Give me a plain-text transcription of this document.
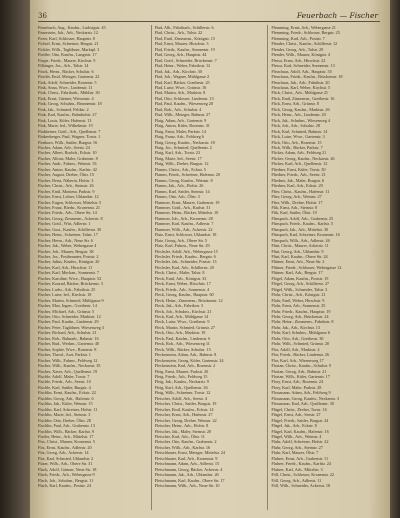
36	Feuerbach — Fischer
Feuerbach, Aug., Kaufm., Ludwigstr. 45
Feuerstein, Joh., Arb., Neckarstr. 12
Fezer, Karl, Schlosser, Hauptstr. 8
Fichtel, Ernst, Schreiner, Bergstr. 21
Fickler, Wilh., Taglöhner, Marktpl. 3
Fiedler, Otto, Kaufm., Langestr. 17
Fieger, Friedr., Maurer, Kirchstr. 9
Filbinger, Jos., Arb., Talstr. 14
Finck, Herm., Bäcker, Schulstr. 6
Finckh, Emil, Metzger, Gartenstr. 22
Fink, Adolf, Schneider, Rosenstr. 5
Fink, Anna, Wwe., Lindenstr. 11
Fink, Christ., Fabrikarb., Mühlstr. 30
Fink, Ernst, Gärtner, Wiesenstr. 4
Fink, Georg, Schuhm., Brunnenstr. 18
Fink, Jak., Schmied, Feldstr. 2
Fink, Karl, Kaufm., Bahnhofstr. 27
Fink, Louis, Küfer, Hafenstr. 13
Fink, Marie, led., Wilhelmstr. 19
Finkbeiner, Gottl., Arb., Quellenstr. 7
Finkenberger, Paul, Wagner, Torstr. 1
Firnkorn, Wilh., Sattler, Burgstr. 16
Fischer, Adam, Arb., Seestr. 24
Fischer, Albert, Buchdr., Eckstr. 10
Fischer, Alfons, Maler, Grabenstr. 8
Fischer, Andr., Fuhrm., Weinstr. 33
Fischer, Anton, Kaufm., Karlstr. 42
Fischer, August, Dreher, Ölstr. 15
Fischer, Berta, Näherin, Hofstr. 3
Fischer, Christ., Arb., Steinstr. 26
Fischer, Emil, Monteur, Parkstr. 9
Fischer, Ernst, Lehrer, Uhlandstr. 12
Fischer, Eugen, Schlosser, Mittelstr. 5
Fischer, Franz, Bierbr., Kronenstr. 21
Fischer, Friedr., Arb., Obere Str. 14
Fischer, Georg, Zimmerm., Ackerstr. 8
Fischer, Gottl., Wirt, Adlerstr. 1
Fischer, Gust., Kaufm., Schillerstr. 30
Fischer, Heinr., Schreiner, Talstr. 17
Fischer, Herm., Arb., Neue Str. 6
Fischer, Jak., Weber, Webergasse 4
Fischer, Joh., Maurer, Bergstr. 38
Fischer, Jos., Postbeamter, Poststr. 2
Fischer, Julius, Kaufm., Königstr. 20
Fischer, Karl, Arb., Hirschstr. 11
Fischer, Karl, Mechan., Sonnenstr. 7
Fischer, Karoline, Wwe., Hauptstr. 52
Fischer, Konrad, Bäcker, Brückenstr. 3
Fischer, Ludw., Arb., Fabrikstr. 25
Fischer, Luise, led., Kirchstr. 18
Fischer, Martin, Schmied, Mühlgasse 9
Fischer, Max, Ingen., Goethestr. 14
Fischer, Michael, Arb., Grünstr. 5
Fischer, Otto, Schneider, Marktstr. 12
Fischer, Paul, Kaufm., Lindenstr. 29
Fischer, Peter, Taglöhner, Wiesenweg 3
Fischer, Richard, Arb., Schulstr. 21
Fischer, Rob., Bahnarb., Bahnstr. 16
Fischer, Rud., Werkm., Gartenstr. 40
Fischer, Sophie, Wwe., Rosenstr. 8
Fischer, Theod., Arzt, Parkstr. 1
Fischer, Wilh., Fuhrm., Feldweg 12
Fischer, Wilh., Kaufm., Neckarstr. 35
Fischer, Xaver, Arb., Quellenstr. 19
Fischle, Adolf, Maler, Torstr. 7
Fischle, Friedr., Arb., Seestr. 10
Fischle, Karl, Sattler, Burgstr. 4
Fischlin, Ernst, Kaufm., Eckstr. 22
Fischlin, Georg, Arb., Hafenstr. 6
Fischlin, Jak., Küfer, Weinstr. 15
Fischlin, Karl, Schreiner, Hofstr. 11
Fischlin, Marie, led., Steinstr. 3
Fischlin, Otto, Dreher, Ölstr. 28
Fischlin, Paul, Arb., Grabenstr. 13
Fischlin, Wilh., Bäcker, Karlstr. 9
Fiseler, Heinr., Arb., Mittelstr. 17
Fiss, Christ., Maurer, Kronenstr. 5
Fitz, Ernst, Kaufm., Adlerstr. 20
Fitz, Georg, Arb., Ackerstr. 14
Fitz, Karl, Schmied, Uhlandstr. 2
Fitzer, Wilh., Arb., Obere Str. 31
Flach, Adolf, Gärtner, Neue Str. 18
Flach, Friedr., Arb., Webergasse 9
Flach, Joh., Schuhm., Bergstr. 11
Flach, Karl, Kaufm., Poststr. 24
Flad, Alb., Fabrikarb., Schillerstr. 6
Flad, Christ., Arb., Talstr. 22
Flad, Emil, Zimmerm., Königstr. 15
Flad, Ernst, Maurer, Hirschstr. 3
Flad, Friedr., Kaufm., Sonnenstr. 19
Flad, Georg, Arb., Hauptstr. 44
Flad, Gottl., Schneider, Brückenstr. 7
Flad, Heinr., Weber, Fabrikstr. 12
Flad, Jak., Arb., Kirchstr. 30
Flad, Joh., Wagner, Mühlgasse 2
Flad, Karl, Bäcker, Goethestr. 25
Flad, Luise, Wwe., Grünstr. 16
Flad, Martin, Arb., Marktstr. 8
Flad, Otto, Schlosser, Lindenstr. 13
Flad, Paul, Kaufm., Wiesenweg 20
Flad, Rob., Arb., Schulstr. 4
Flad, Wilh., Metzger, Bahnstr. 27
Flaig, Adam, Arb., Gartenstr. 9
Flaig, Anton, Küfer, Rosenstr. 31
Flaig, Ernst, Maler, Parkstr. 14
Flaig, Franz, Arb., Feldweg 6
Flaig, Georg, Kaufm., Neckarstr. 18
Flaig, Jos., Schmied, Quellenstr. 2
Flaig, Karl, Arb., Torstr. 23
Flaig, Marie, led., Seestr. 17
Flaig, Wilh., Dreher, Burgstr. 12
Flamm, Christ., Arb., Eckstr. 5
Flamm, Friedr., Schreiner, Hafenstr. 20
Flamm, Georg, Kaufm., Weinstr. 8
Flamm, Jak., Arb., Hofstr. 26
Flamm, Karl, Sattler, Steinstr. 14
Flamm, Otto, Arb., Ölstr. 3
Flammer, Ernst, Maurer, Grabenstr. 19
Flammer, Gottl., Arb., Karlstr. 31
Flammer, Heinr., Bäcker, Mittelstr. 10
Flammer, Joh., Arb., Kronenstr. 28
Flammer, Karl, Kaufm., Adlerstr. 7
Flammer, Wilh., Arb., Ackerstr. 22
Flatz, Ernst, Schlosser, Uhlandstr. 18
Flatz, Georg, Arb., Obere Str. 5
Flatz, Karl, Fuhrm., Neue Str. 29
Flechsler, Adolf, Arb., Webergasse 15
Flechsler, Friedr., Kaufm., Bergstr. 6
Flechsler, Jak., Schneider, Poststr. 13
Flechsler, Karl, Arb., Schillerstr. 20
Fleck, Christ., Maler, Talstr. 8
Fleck, Emil, Arb., Königstr. 33
Fleck, Ernst, Weber, Hirschstr. 17
Fleck, Friedr., Arb., Sonnenstr. 4
Fleck, Georg, Kaufm., Hauptstr. 60
Fleck, Heinr., Zimmerm., Brückenstr. 12
Fleck, Jak., Arb., Fabrikstr. 3
Fleck, Joh., Schuhm., Kirchstr. 21
Fleck, Karl, Arb., Mühlgasse 14
Fleck, Luise, Wwe., Goethestr. 9
Fleck, Martin, Schmied, Grünstr. 27
Fleck, Otto, Arb., Marktstr. 19
Fleck, Paul, Kaufm., Lindenstr. 6
Fleck, Rob., Arb., Wiesenweg 11
Fleck, Wilh., Bäcker, Schulstr. 15
Fleckenstein, Adam, Arb., Bahnstr. 8
Fleckenstein, Georg, Küfer, Gartenstr. 24
Fleckenstein, Karl, Arb., Rosenstr. 2
Fleig, Ernst, Maurer, Parkstr. 20
Fleig, Friedr., Arb., Feldweg 15
Fleig, Jak., Kaufm., Neckarstr. 9
Fleig, Karl, Arb., Quellenstr. 26
Fleig, Wilh., Schreiner, Torstr. 12
Fleischer, Adolf, Arb., Seestr. 4
Fleischer, Christ., Sattler, Burgstr. 19
Fleischer, Emil, Kaufm., Eckstr. 14
Fleischer, Ernst, Arb., Hafenstr. 27
Fleischer, Georg, Dreher, Weinstr. 22
Fleischer, Heinr., Arb., Hofstr. 8
Fleischer, Jak., Maler, Steinstr. 20
Fleischer, Karl, Arb., Ölstr. 11
Fleischer, Otto, Kaufm., Grabenstr. 2
Fleischer, Wilh., Arb., Karlstr. 16
Fleischhauer, Ernst, Metzger, Mittelstr. 24
Fleischhauer, Karl, Arb., Kronenstr. 9
Fleischmann, Adam, Arb., Adlerstr. 15
Fleischmann, Georg, Bäcker, Ackerstr. 4
Fleischmann, Jak., Arb., Uhlandstr. 26
Fleischmann, Karl, Kaufm., Obere Str. 17
Fleischmann, Wilh., Arb., Neue Str. 10
Flemming, Ernst, Arb., Webergasse 21
Flemming, Friedr., Schlosser, Bergstr. 25
Flemming, Karl, Arb., Poststr. 7
Flender, Christ., Kaufm., Schillerstr. 12
Flender, Georg, Arb., Talstr. 29
Flender, Wilh., Maurer, Königstr. 4
Flessa, Ernst, Arb., Hirschstr. 22
Flessa, Karl, Schneider, Sonnenstr. 13
Fleuchaus, Adolf, Arb., Hauptstr. 35
Fleuchaus, Friedr., Kaufm., Brückenstr. 18
Fleuchaus, Jak., Arb., Fabrikstr. 20
Fleuchaus, Karl, Weber, Kirchstr. 5
Flick, Christ., Arb., Mühlgasse 21
Flick, Emil, Zimmerm., Goethestr. 16
Flick, Ernst, Arb., Grünstr. 8
Flick, Georg, Kaufm., Marktstr. 26
Flick, Heinr., Arb., Lindenstr. 20
Flick, Jak., Schuhm., Wiesenweg 4
Flick, Joh., Arb., Schulstr. 28
Flick, Karl, Schmied, Bahnstr. 14
Flick, Luise, Wwe., Gartenstr. 3
Flick, Otto, Arb., Rosenstr. 15
Flick, Wilh., Bäcker, Parkstr. 7
Flicker, Adam, Arb., Feldweg 21
Flicker, Georg, Kaufm., Neckarstr. 26
Flicker, Karl, Arb., Quellenstr. 12
Fliedner, Ernst, Küfer, Torstr. 30
Fliedner, Friedr., Arb., Seestr. 21
Fliedner, Jak., Maler, Burgstr. 6
Fliedner, Karl, Arb., Eckstr. 29
Flier, Christ., Kaufm., Hafenstr. 11
Flier, Georg, Arb., Weinstr. 27
Flier, Wilh., Dreher, Hofstr. 17
Flik, Ernst, Arb., Steinstr. 8
Flik, Karl, Sattler, Ölstr. 19
Flinspach, Adolf, Arb., Grabenstr. 25
Flinspach, Friedr., Kaufm., Karlstr. 5
Flinspach, Jak., Arb., Mittelstr. 30
Flinspach, Karl, Schreiner, Kronenstr. 16
Flinspach, Wilh., Arb., Adlerstr. 26
Flint, Christ., Maurer, Ackerstr. 11
Flint, Georg, Arb., Uhlandstr. 9
Flint, Karl, Kaufm., Obere Str. 24
Flittner, Ernst, Arb., Neue Str. 2
Flittner, Friedr., Schlosser, Webergasse 12
Flittner, Karl, Arb., Bergstr. 17
Flögel, Adam, Kaufm., Poststr. 19
Flögel, Georg, Arb., Schillerstr. 27
Flögel, Wilh., Schneider, Talstr. 3
Flohr, Christ., Arb., Königstr. 21
Flohr, Emil, Weber, Hirschstr. 9
Flohr, Ernst, Arb., Sonnenstr. 25
Flohr, Friedr., Kaufm., Hauptstr. 19
Flohr, Georg, Arb., Brückenstr. 24
Flohr, Heinr., Zimmerm., Fabrikstr. 8
Flohr, Jak., Arb., Kirchstr. 13
Flohr, Karl, Schuhm., Mühlgasse 6
Flohr, Otto, Arb., Goethestr. 30
Flohr, Wilh., Schmied, Grünstr. 20
Flor, Adolf, Arb., Marktstr. 4
Flor, Friedr., Bäcker, Lindenstr. 26
Flor, Karl, Arb., Wiesenweg 17
Florian, Christ., Kaufm., Schulstr. 9
Florian, Georg, Arb., Bahnstr. 21
Florian, Wilh., Küfer, Gartenstr. 17
Flory, Ernst, Arb., Rosenstr. 24
Flory, Karl, Maler, Parkstr. 28
Flossmann, Adam, Arb., Feldweg 9
Flossmann, Georg, Kaufm., Neckarstr. 3
Flossmann, Karl, Arb., Quellenstr. 30
Flügel, Christ., Dreher, Torstr. 16
Flügel, Ernst, Arb., Seestr. 27
Flügel, Friedr., Sattler, Burgstr. 24
Flügel, Jak., Arb., Eckstr. 8
Flügel, Karl, Kaufm., Hafenstr. 16
Flügel, Wilh., Arb., Weinstr. 4
Fluhr, Adolf, Schreiner, Hofstr. 22
Fluhr, Georg, Arb., Steinstr. 27
Fluhr, Karl, Maurer, Ölstr. 7
Fluhrer, Ernst, Arb., Grabenstr. 11
Fluhrer, Friedr., Kaufm., Karlstr. 24
Fluhrer, Karl, Arb., Mittelstr. 3
Föll, Christ., Schlosser, Kronenstr. 22
Föll, Georg, Arb., Adlerstr. 11
Föll, Wilh., Schneider, Ackerstr. 18
